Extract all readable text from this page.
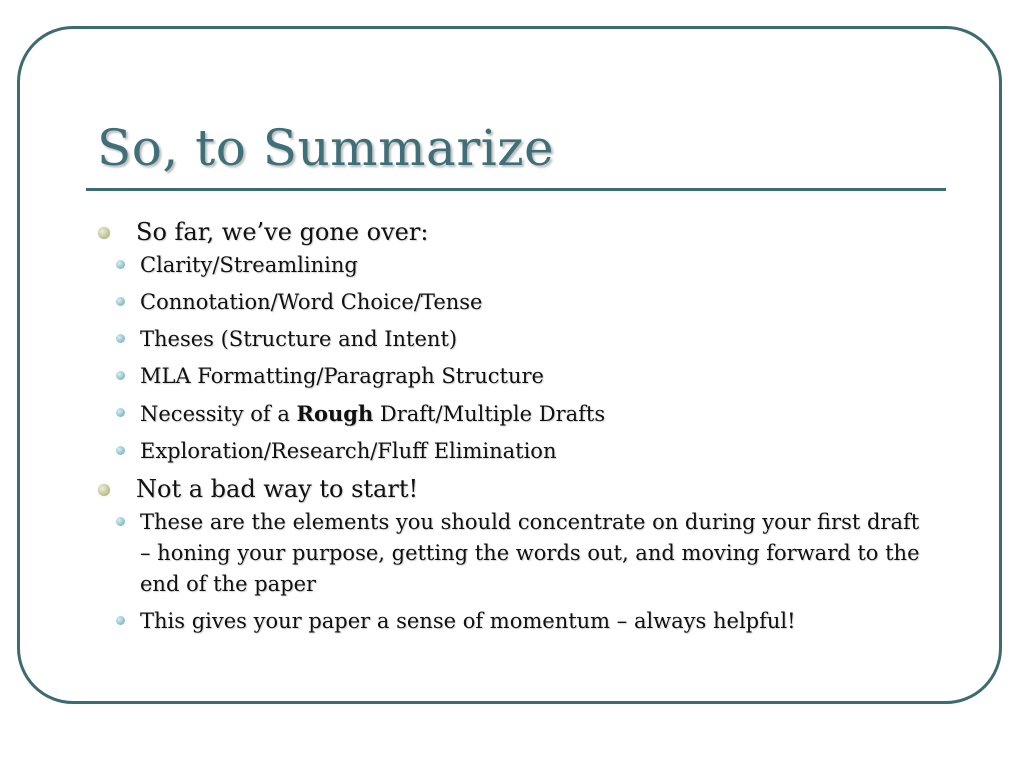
So, to Summarize
So far, we’ve gone over:
Clarity/Streamlining
Connotation/Word Choice/Tense
Theses (Structure and Intent)
MLA Formatting/Paragraph Structure
Necessity of a Rough Draft/Multiple Drafts
Exploration/Research/Fluff Elimination
Not a bad way to start!
These are the elements you should concentrate on during your first draft – honing your purpose, getting the words out, and moving forward to the end of the paper
This gives your paper a sense of momentum – always helpful!
